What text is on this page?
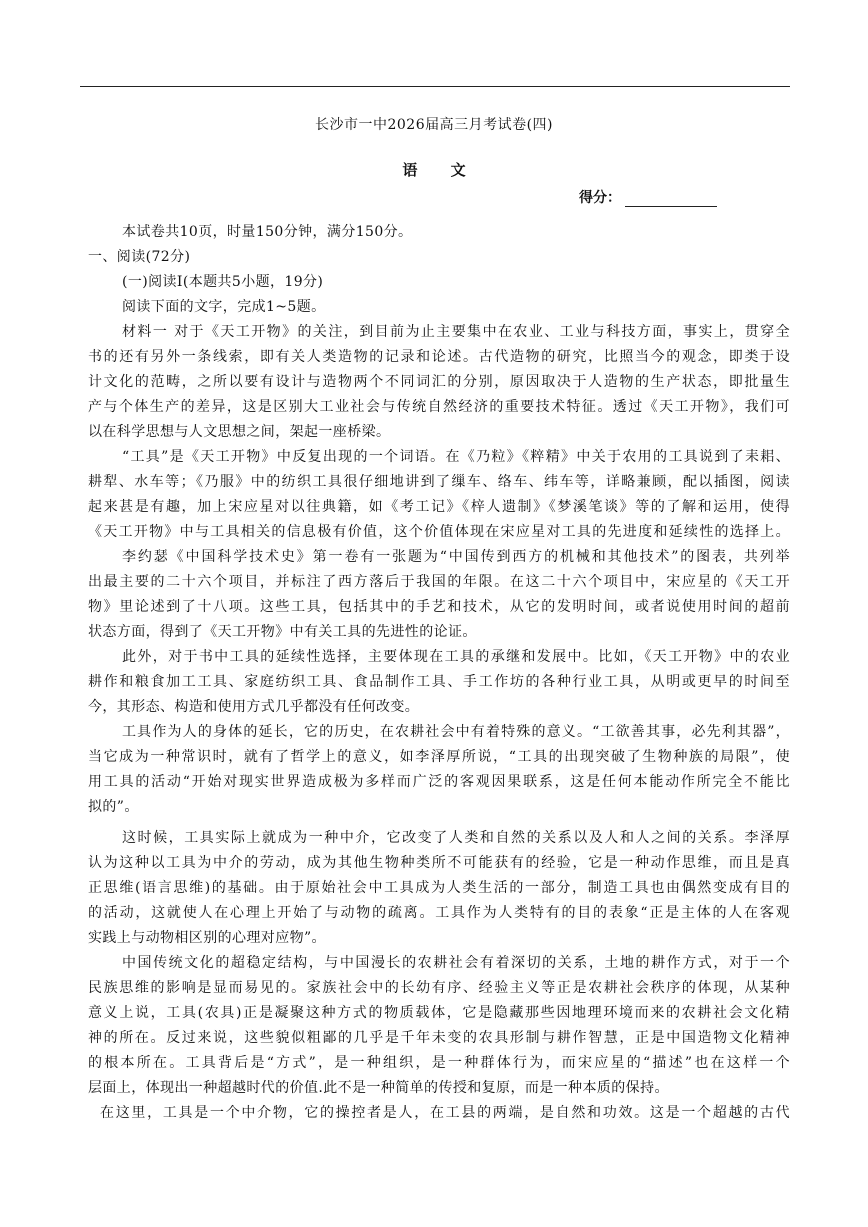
长沙市一中2026届高三月考试卷(四)
语 文
得分：
本试卷共10页，时量150分钟，满分150分。
一、阅读(72分)
(一)阅读Ⅰ(本题共5小题，19分)
阅读下面的文字，完成1~5题。
材料一 对于《天工开物》的关注，到目前为止主要集中在农业、工业与科技方面，事实上，贯穿全
书的还有另外一条线索，即有关人类造物的记录和论述。古代造物的研究，比照当今的观念，即类于设
计文化的范畴，之所以要有设计与造物两个不同词汇的分别，原因取决于人造物的生产状态，即批量生
产与个体生产的差异，这是区别大工业社会与传统自然经济的重要技术特征。透过《天工开物》，我们可
以在科学思想与人文思想之间，架起一座桥梁。
“工具”是《天工开物》中反复出现的一个词语。在《乃粒》《粹精》中关于农用的工具说到了耒耜、
耕犁、水车等；《乃服》中的纺织工具很仔细地讲到了缫车、络车、纬车等，详略兼顾，配以插图，阅读
起来甚是有趣，加上宋应星对以往典籍，如《考工记》《梓人遗制》《梦溪笔谈》等的了解和运用，使得
《天工开物》中与工具相关的信息极有价值，这个价值体现在宋应星对工具的先进度和延续性的选择上。
李约瑟《中国科学技术史》第一卷有一张题为“中国传到西方的机械和其他技术”的图表，共列举
出最主要的二十六个项目，并标注了西方落后于我国的年限。在这二十六个项目中，宋应星的《天工开
物》里论述到了十八项。这些工具，包括其中的手艺和技术，从它的发明时间，或者说使用时间的超前
状态方面，得到了《天工开物》中有关工具的先进性的论证。
此外，对于书中工具的延续性选择，主要体现在工具的承继和发展中。比如，《天工开物》中的农业
耕作和粮食加工工具、家庭纺织工具、食品制作工具、手工作坊的各种行业工具，从明或更早的时间至
今，其形态、构造和使用方式几乎都没有任何改变。
工具作为人的身体的延长，它的历史，在农耕社会中有着特殊的意义。“工欲善其事，必先利其器”，
当它成为一种常识时，就有了哲学上的意义，如李泽厚所说，“工具的出现突破了生物种族的局限”，使
用工具的活动“开始对现实世界造成极为多样而广泛的客观因果联系，这是任何本能动作所完全不能比
拟的”。
这时候，工具实际上就成为一种中介，它改变了人类和自然的关系以及人和人之间的关系。李泽厚
认为这种以工具为中介的劳动，成为其他生物种类所不可能获有的经验，它是一种动作思维，而且是真
正思维(语言思维)的基础。由于原始社会中工具成为人类生活的一部分，制造工具也由偶然变成有目的
的活动，这就使人在心理上开始了与动物的疏离。工具作为人类特有的目的表象“正是主体的人在客观
实践上与动物相区别的心理对应物”。
中国传统文化的超稳定结构，与中国漫长的农耕社会有着深切的关系，土地的耕作方式，对于一个
民族思维的影响是显而易见的。家族社会中的长幼有序、经验主义等正是农耕社会秩序的体现，从某种
意义上说，工具(农具)正是凝聚这种方式的物质载体，它是隐藏那些因地理环境而来的农耕社会文化精
神的所在。反过来说，这些貌似粗鄙的几乎是千年未变的农具形制与耕作智慧，正是中国造物文化精神
的根本所在。工具背后是“方式”，是一种组织，是一种群体行为，而宋应星的“描述”也在这样一个
层面上，体现出一种超越时代的价值.此不是一种简单的传授和复原，而是一种本质的保持。
在这里，工具是一个中介物，它的操控者是人，在工县的两端，是自然和功效。这是一个超越的古代
